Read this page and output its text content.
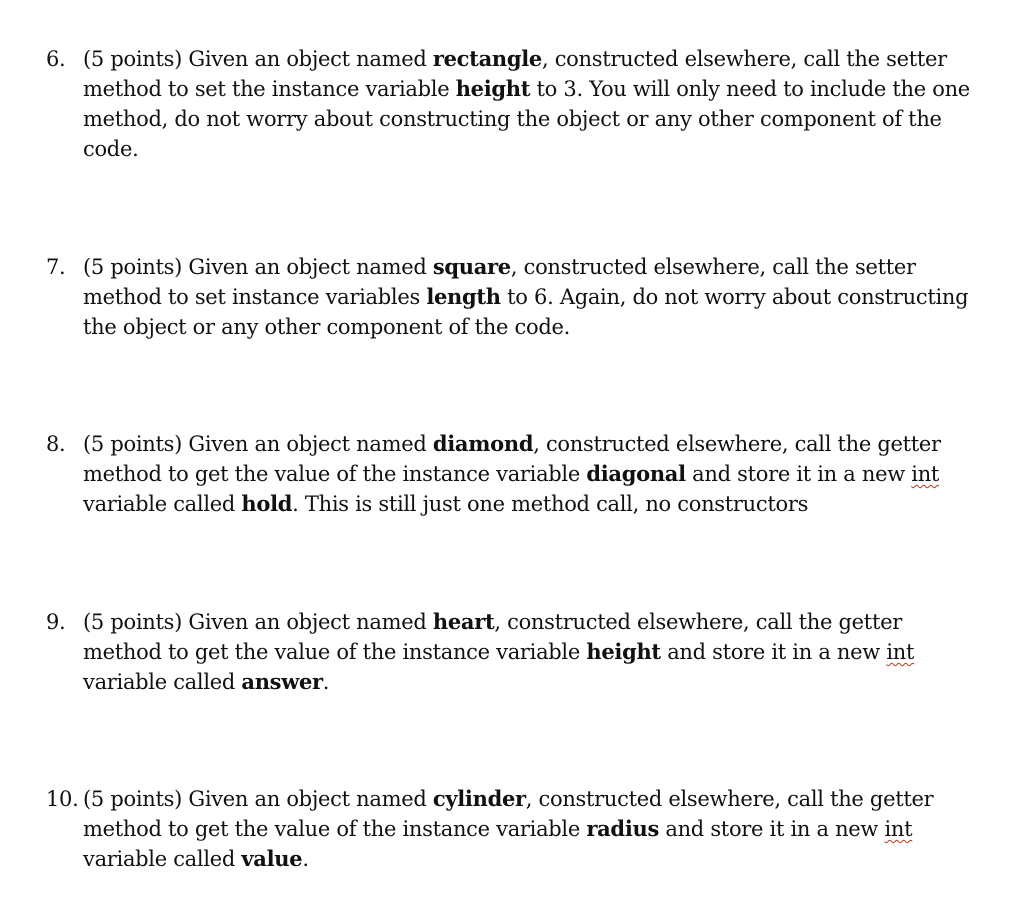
6. (5 points) Given an object named rectangle, constructed elsewhere, call the setter method to set the instance variable height to 3. You will only need to include the one method, do not worry about constructing the object or any other component of the code.
7. (5 points) Given an object named square, constructed elsewhere, call the setter method to set instance variables length to 6. Again, do not worry about constructing the object or any other component of the code.
8. (5 points) Given an object named diamond, constructed elsewhere, call the getter method to get the value of the instance variable diagonal and store it in a new int variable called hold. This is still just one method call, no constructors
9. (5 points) Given an object named heart, constructed elsewhere, call the getter method to get the value of the instance variable height and store it in a new int variable called answer.
10. (5 points) Given an object named cylinder, constructed elsewhere, call the getter method to get the value of the instance variable radius and store it in a new int variable called value.
